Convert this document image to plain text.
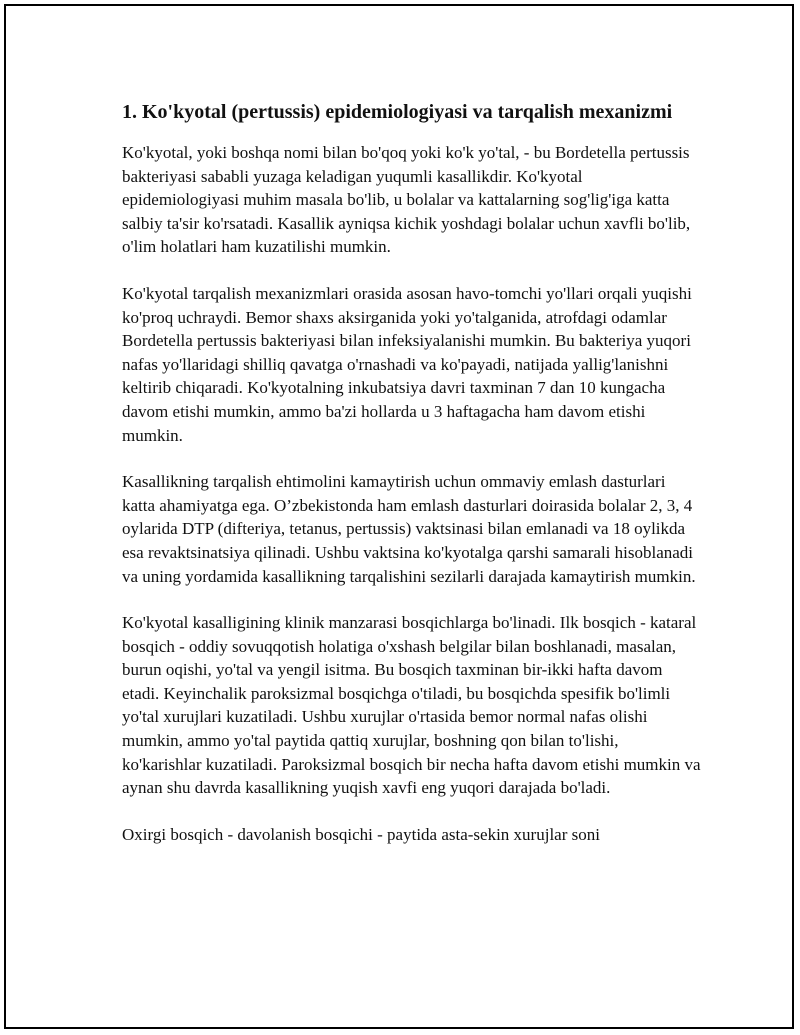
1. Ko'kyotal (pertussis) epidemiologiyasi va tarqalish mexanizmi

Ko'kyotal, yoki boshqa nomi bilan bo'qoq yoki ko'k yo'tal, - bu Bordetella pertussis bakteriyasi sababli yuzaga keladigan yuqumli kasallikdir. Ko'kyotal epidemiologiyasi muhim masala bo'lib, u bolalar va kattalarning sog'lig'iga katta salbiy ta'sir ko'rsatadi. Kasallik ayniqsa kichik yoshdagi bolalar uchun xavfli bo'lib, o'lim holatlari ham kuzatilishi mumkin.

Ko'kyotal tarqalish mexanizmlari orasida asosan havo-tomchi yo'llari orqali yuqishi ko'proq uchraydi. Bemor shaxs aksirganida yoki yo'talganida, atrofdagi odamlar Bordetella pertussis bakteriyasi bilan infeksiyalanishi mumkin. Bu bakteriya yuqori nafas yo'llaridagi shilliq qavatga o'rnashadi va ko'payadi, natijada yallig'lanishni keltirib chiqaradi. Ko'kyotalning inkubatsiya davri taxminan 7 dan 10 kungacha davom etishi mumkin, ammo ba'zi hollarda u 3 haftagacha ham davom etishi mumkin.

Kasallikning tarqalish ehtimolini kamaytirish uchun ommaviy emlash dasturlari katta ahamiyatga ega. O’zbekistonda ham emlash dasturlari doirasida bolalar 2, 3, 4 oylarida DTP (difteriya, tetanus, pertussis) vaktsinasi bilan emlanadi va 18 oylikda esa revaktsinatsiya qilinadi. Ushbu vaktsina ko'kyotalga qarshi samarali hisoblanadi va uning yordamida kasallikning tarqalishini sezilarli darajada kamaytirish mumkin.

Ko'kyotal kasalligining klinik manzarasi bosqichlarga bo'linadi. Ilk bosqich - kataral bosqich - oddiy sovuqqotish holatiga o'xshash belgilar bilan boshlanadi, masalan, burun oqishi, yo'tal va yengil isitma. Bu bosqich taxminan bir-ikki hafta davom etadi. Keyinchalik paroksizmal bosqichga o'tiladi, bu bosqichda spesifik bo'limli yo'tal xurujlari kuzatiladi. Ushbu xurujlar o'rtasida bemor normal nafas olishi mumkin, ammo yo'tal paytida qattiq xurujlar, boshning qon bilan to'lishi, ko'karishlar kuzatiladi. Paroksizmal bosqich bir necha hafta davom etishi mumkin va aynan shu davrda kasallikning yuqish xavfi eng yuqori darajada bo'ladi.

Oxirgi bosqich - davolanish bosqichi - paytida asta-sekin xurujlar soni
